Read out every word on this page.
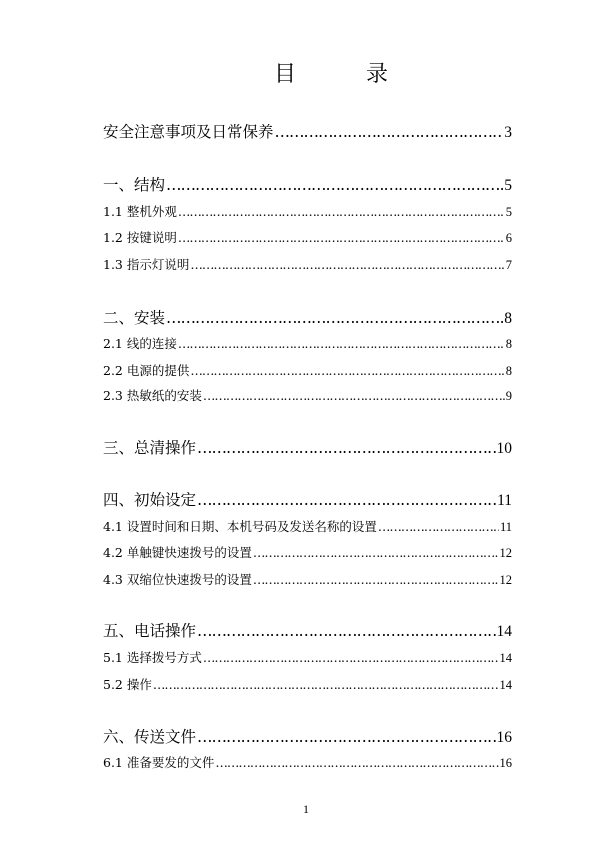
目	录
安全注意事项及日常保养 …………………………………………………………………………………………………………………………………………	3
一、结构 …………………………………………………………………………………………………………………………………………	5
1.1 整机外观 …………………………………………………………………………………………………………………………………………	5
1.2 按键说明 …………………………………………………………………………………………………………………………………………	6
1.3 指示灯说明 …………………………………………………………………………………………………………………………………………	7
二、安装 …………………………………………………………………………………………………………………………………………	8
2.1 线的连接 …………………………………………………………………………………………………………………………………………	8
2.2 电源的提供 …………………………………………………………………………………………………………………………………………	8
2.3 热敏纸的安装 …………………………………………………………………………………………………………………………………………	9
三、总清操作 …………………………………………………………………………………………………………………………………………	10
四、初始设定 …………………………………………………………………………………………………………………………………………	11
4.1 设置时间和日期、本机号码及发送名称的设置 …………………………………………………………………………………………………………………………………………	11
4.2 单触键快速拨号的设置 …………………………………………………………………………………………………………………………………………	12
4.3 双缩位快速拨号的设置 …………………………………………………………………………………………………………………………………………	12
五、电话操作 …………………………………………………………………………………………………………………………………………	14
5.1 选择拨号方式 …………………………………………………………………………………………………………………………………………	14
5.2 操作 …………………………………………………………………………………………………………………………………………	14
六、传送文件 …………………………………………………………………………………………………………………………………………	16
6.1 准备要发的文件 …………………………………………………………………………………………………………………………………………	16
1
